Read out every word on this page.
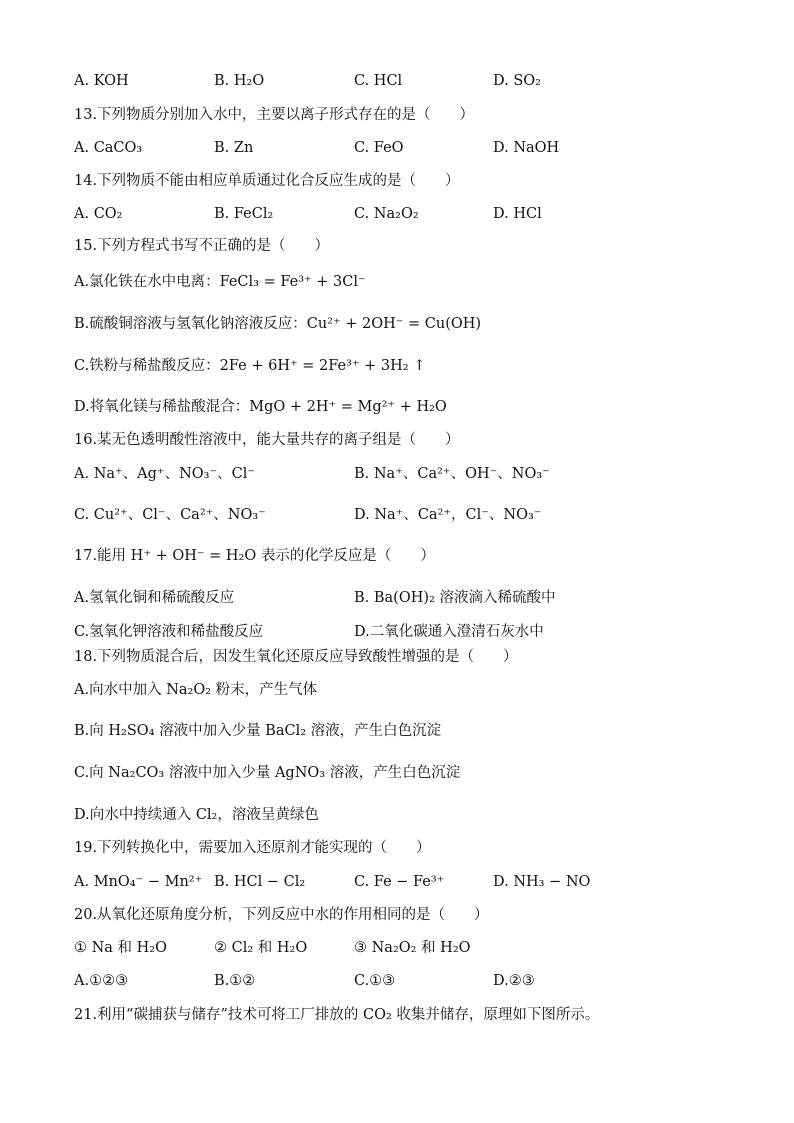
A. KOH	B. H₂O	C. HCl	D. SO₂
13.下列物质分别加入水中，主要以离子形式存在的是（　　）
A. CaCO₃	B. Zn	C. FeO	D. NaOH
14.下列物质不能由相应单质通过化合反应生成的是（　　）
A. CO₂	B. FeCl₂	C. Na₂O₂	D. HCl
15.下列方程式书写不正确的是（　　）
A.氯化铁在水中电离：FeCl₃ = Fe³⁺ + 3Cl⁻
B.硫酸铜溶液与氢氧化钠溶液反应：Cu²⁺ + 2OH⁻ = Cu(OH)
C.铁粉与稀盐酸反应：2Fe + 6H⁺ = 2Fe³⁺ + 3H₂ ↑
D.将氧化镁与稀盐酸混合：MgO + 2H⁺ = Mg²⁺ + H₂O
16.某无色透明酸性溶液中，能大量共存的离子组是（　　）
A. Na⁺、Ag⁺、NO₃⁻、Cl⁻	B. Na⁺、Ca²⁺、OH⁻、NO₃⁻
C. Cu²⁺、Cl⁻、Ca²⁺、NO₃⁻	D. Na⁺、Ca²⁺，Cl⁻、NO₃⁻
17.能用 H⁺ + OH⁻ = H₂O 表示的化学反应是（　　）
A.氢氧化铜和稀硫酸反应	B. Ba(OH)₂ 溶液滴入稀硫酸中
C.氢氧化钾溶液和稀盐酸反应	D.二氧化碳通入澄清石灰水中
18.下列物质混合后，因发生氧化还原反应导致酸性增强的是（　　）
A.向水中加入 Na₂O₂ 粉末，产生气体
B.向 H₂SO₄ 溶液中加入少量 BaCl₂ 溶液，产生白色沉淀
C.向 Na₂CO₃ 溶液中加入少量 AgNO₃ 溶液，产生白色沉淀
D.向水中持续通入 Cl₂，溶液呈黄绿色
19.下列转换化中，需要加入还原剂才能实现的（　　）
A. MnO₄⁻ − Mn²⁺ B. HCl − Cl₂	C. Fe − Fe³⁺	D. NH₃ − NO
20.从氧化还原角度分析，下列反应中水的作用相同的是（　　）
① Na 和 H₂O	② Cl₂ 和 H₂O	③ Na₂O₂ 和 H₂O
A.①②③	B.①②	C.①③	D.②③
21.利用“碳捕获与储存”技术可将工厂排放的 CO₂ 收集并储存，原理如下图所示。
